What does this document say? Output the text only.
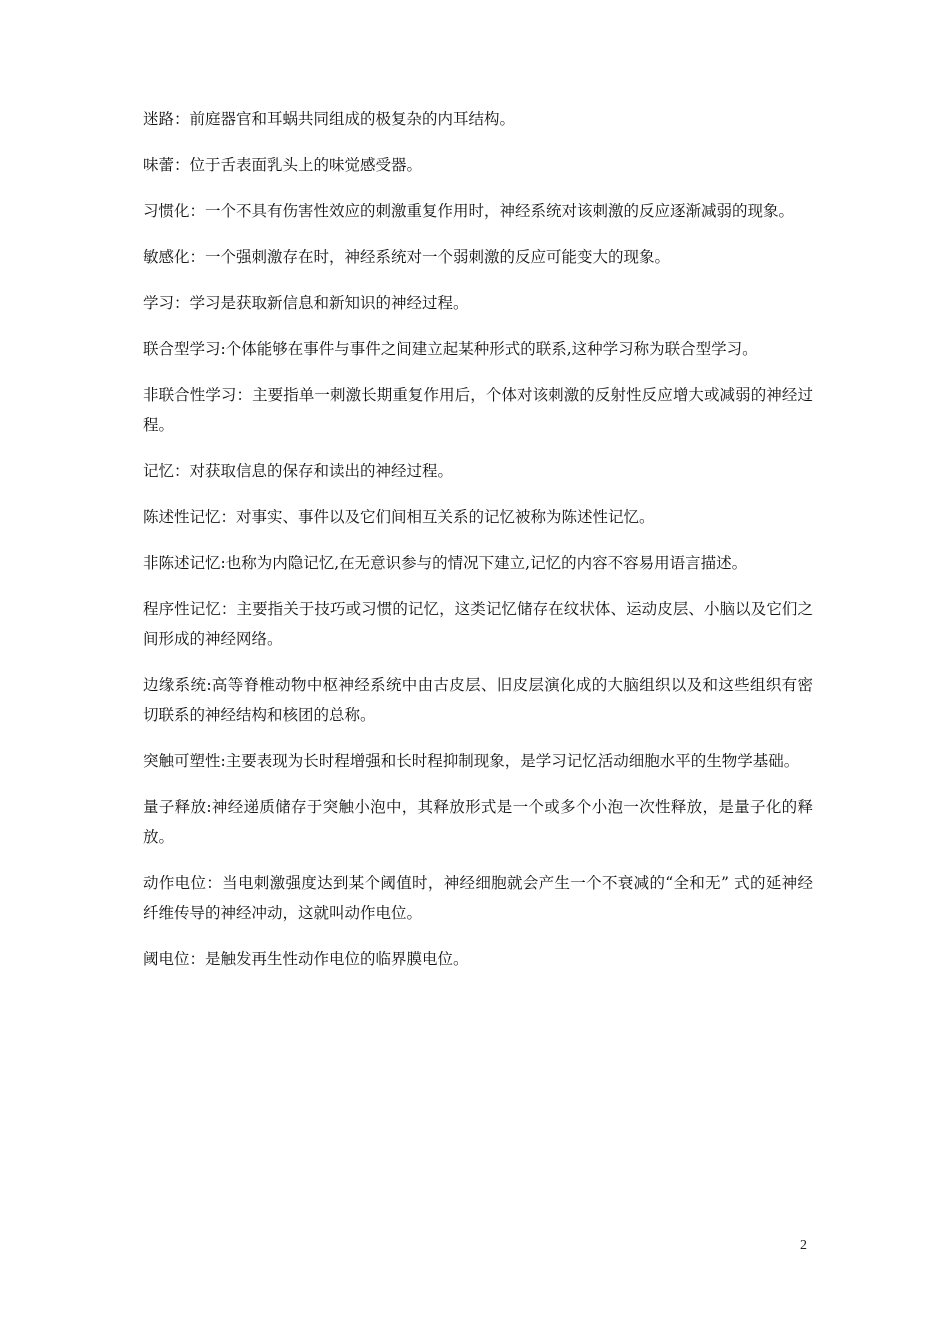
迷路：前庭器官和耳蜗共同组成的极复杂的内耳结构。

味蕾：位于舌表面乳头上的味觉感受器。

习惯化：一个不具有伤害性效应的刺激重复作用时，神经系统对该刺激的反应逐渐减弱的现象。

敏感化：一个强刺激存在时，神经系统对一个弱刺激的反应可能变大的现象。

学习：学习是获取新信息和新知识的神经过程。

联合型学习:个体能够在事件与事件之间建立起某种形式的联系,这种学习称为联合型学习。

非联合性学习：主要指单一刺激长期重复作用后，个体对该刺激的反射性反应增大或减弱的神经过程。

记忆：对获取信息的保存和读出的神经过程。

陈述性记忆：对事实、事件以及它们间相互关系的记忆被称为陈述性记忆。

非陈述记忆:也称为内隐记忆,在无意识参与的情况下建立,记忆的内容不容易用语言描述。

程序性记忆：主要指关于技巧或习惯的记忆，这类记忆储存在纹状体、运动皮层、小脑以及它们之间形成的神经网络。

边缘系统:高等脊椎动物中枢神经系统中由古皮层、旧皮层演化成的大脑组织以及和这些组织有密切联系的神经结构和核团的总称。

突触可塑性:主要表现为长时程增强和长时程抑制现象，是学习记忆活动细胞水平的生物学基础。

量子释放:神经递质储存于突触小泡中，其释放形式是一个或多个小泡一次性释放，是量子化的释放。

动作电位：当电刺激强度达到某个阈值时，神经细胞就会产生一个不衰减的“全和无” 式的延神经纤维传导的神经冲动，这就叫动作电位。

阈电位：是触发再生性动作电位的临界膜电位。

2
